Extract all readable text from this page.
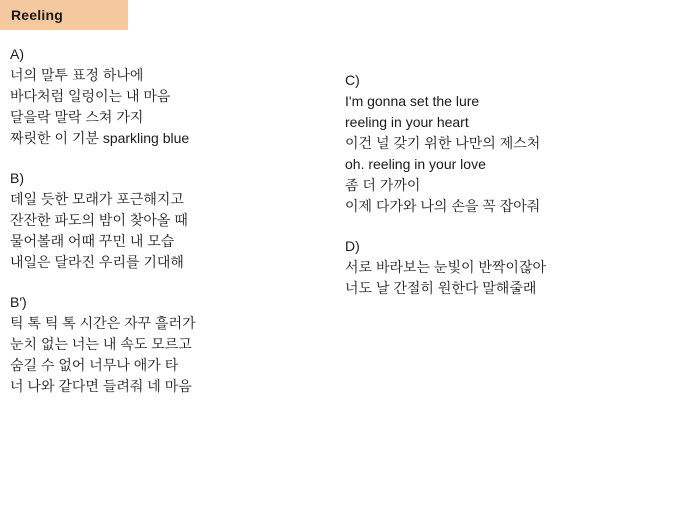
Reeling
A)
너의 말투 표정 하나에
바다처럼 일렁이는 내 마음
달을락 말락 스쳐 가지
짜릿한 이 기분 sparkling blue
B)
데일 듯한 모래가 포근해지고
잔잔한 파도의 밤이 찾아올 때
물어볼래 어때 꾸민 내 모습
내일은 달라진 우리를 기대해
B′)
틱 톡 틱 톡 시간은 자꾸 흘러가
눈치 없는 너는 내 속도 모르고
숨길 수 없어 너무나 애가 타
너 나와 같다면 들려줘 네 마음
C)
I'm gonna set the lure
reeling in your heart
이건 널 갖기 위한 나만의 제스처
oh. reeling in your love
좀 더 가까이
이제 다가와 나의 손을 꼭 잡아줘
D)
서로 바라보는 눈빛이 반짝이잖아
너도 날 간절히 원한다 말해줄래
